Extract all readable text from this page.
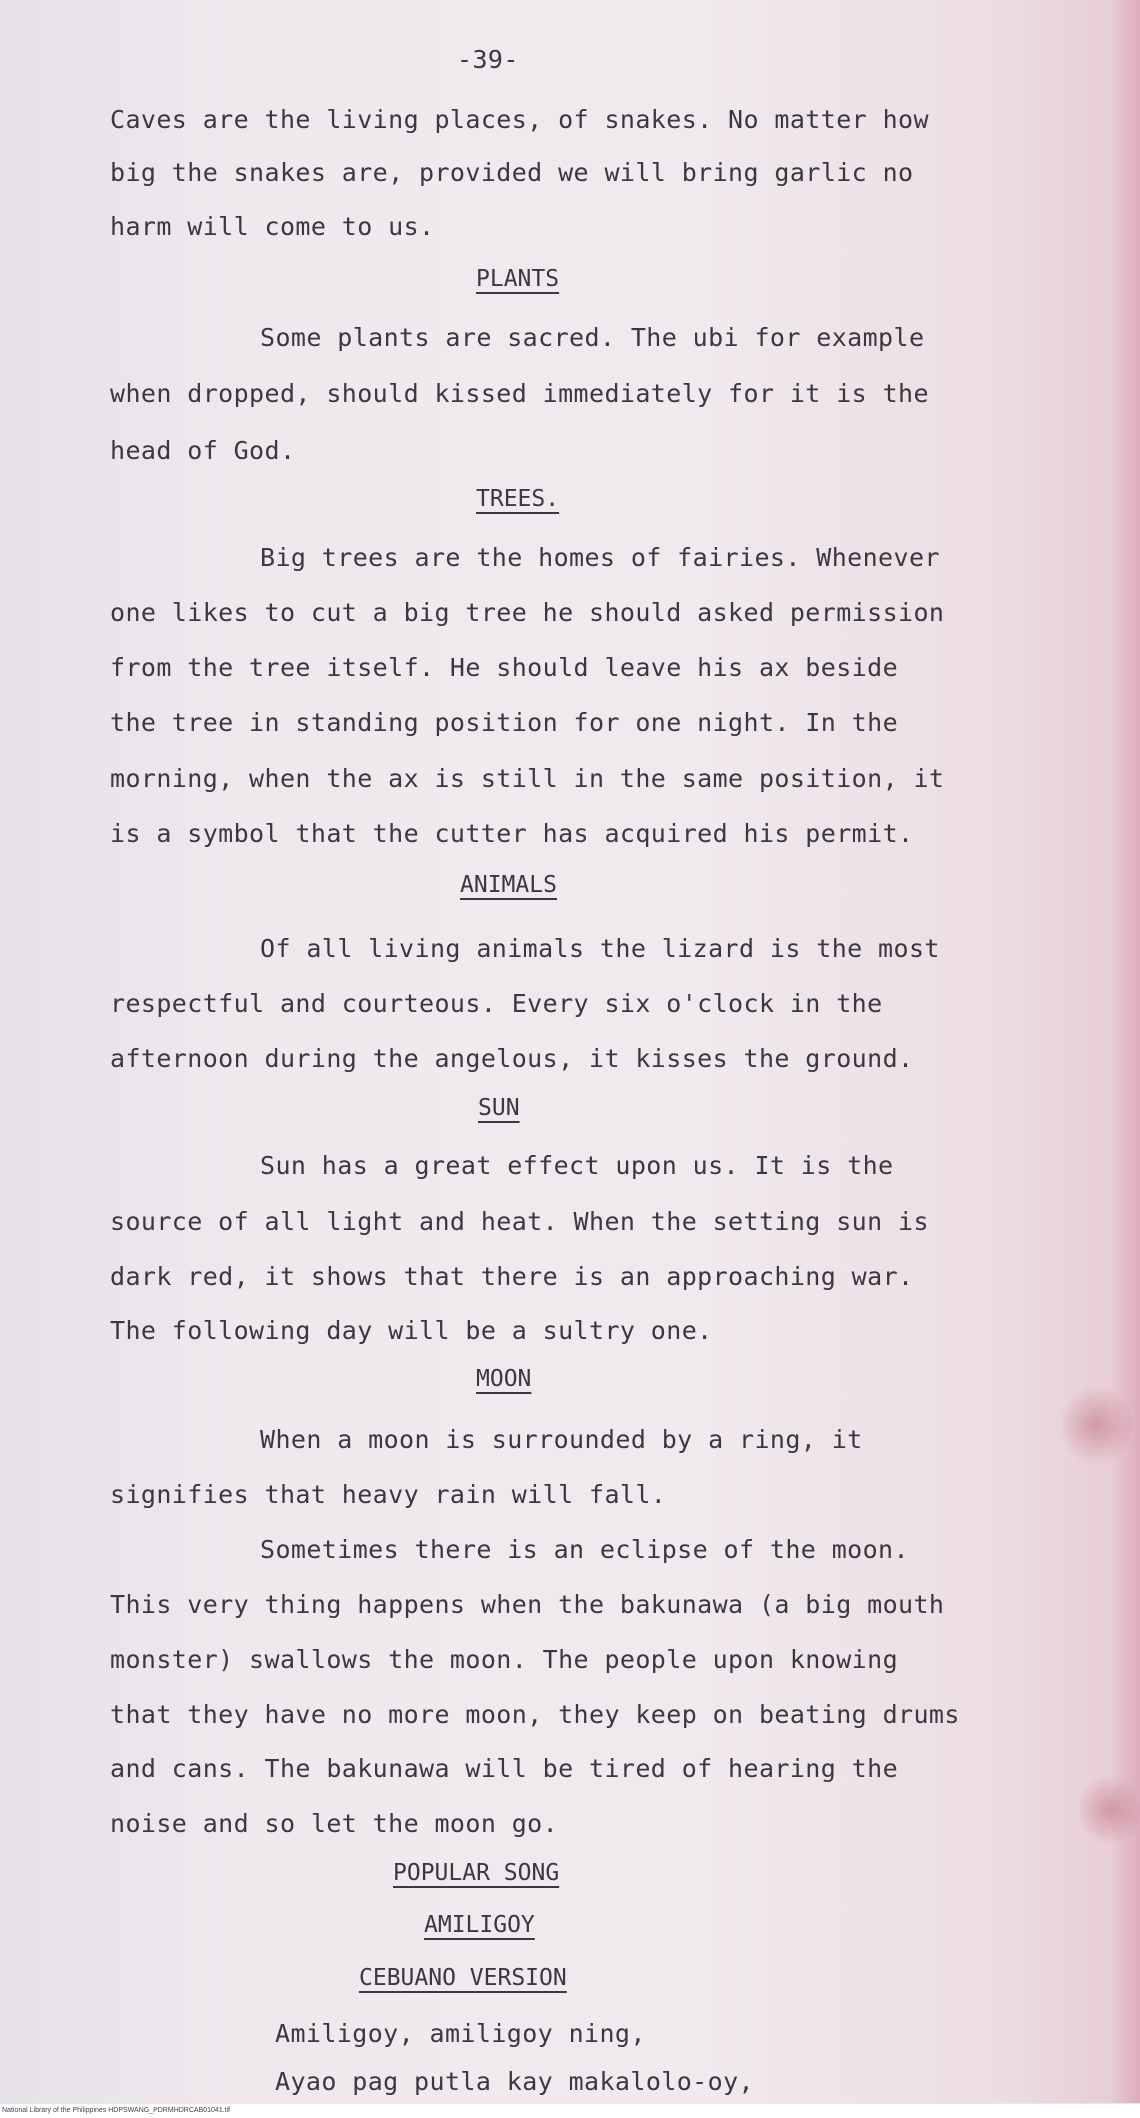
-39-
Caves are the living places, of snakes. No matter how
big the snakes are, provided we will bring garlic no
harm will come to us.
PLANTS
Some plants are sacred. The ubi for example
when dropped, should kissed immediately for it is the
head of God.
TREES.
Big trees are the homes of fairies. Whenever
one likes to cut a big tree he should asked permission
from the tree itself. He should leave his ax beside
the tree in standing position for one night. In the
morning, when the ax is still in the same position, it
is a symbol that the cutter has acquired his permit.
ANIMALS
Of all living animals the lizard is the most
respectful and courteous. Every six o'clock in the
afternoon during the angelous, it kisses the ground.
SUN
Sun has a great effect upon us. It is the
source of all light and heat. When the setting sun is
dark red, it shows that there is an approaching war.
The following day will be a sultry one.
MOON
When a moon is surrounded by a ring, it
signifies that heavy rain will fall.
Sometimes there is an eclipse of the moon.
This very thing happens when the bakunawa (a big mouth
monster) swallows the moon. The people upon knowing
that they have no more moon, they keep on beating drums
and cans. The bakunawa will be tired of hearing the
noise and so let the moon go.
POPULAR SONG
AMILIGOY
CEBUANO VERSION
Amiligoy, amiligoy ning,
Ayao pag putla kay makalolo-oy,
National Library of the Philippines HDPSWANG_PDRMHDRCAB01041.tif
